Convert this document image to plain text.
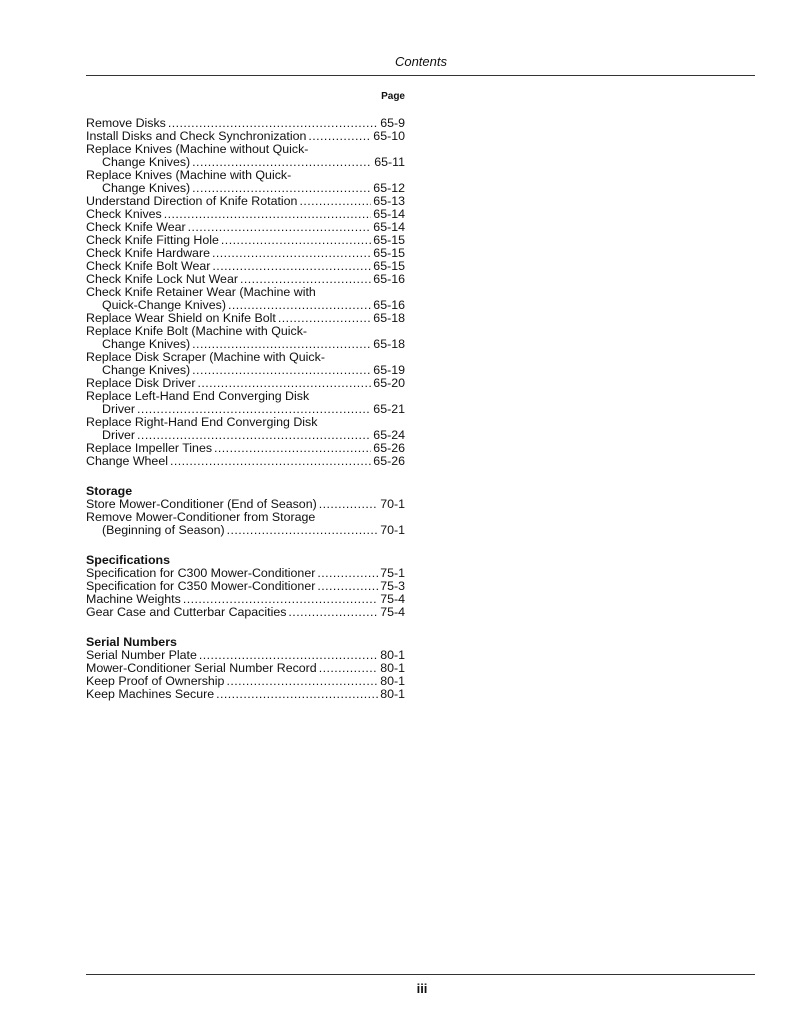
Contents
Page
Remove Disks . . .	65-9
Install Disks and Check Synchronization . . .	65-10
Replace Knives (Machine without Quick-
Change Knives) . . .	65-11
Replace Knives (Machine with Quick-
Change Knives) . . .	65-12
Understand Direction of Knife Rotation . . .	65-13
Check Knives . . .	65-14
Check Knife Wear . . .	65-14
Check Knife Fitting Hole . . .	65-15
Check Knife Hardware . . .	65-15
Check Knife Bolt Wear . . .	65-15
Check Knife Lock Nut Wear . . .	65-16
Check Knife Retainer Wear (Machine with
Quick-Change Knives) . . .	65-16
Replace Wear Shield on Knife Bolt . . .	65-18
Replace Knife Bolt (Machine with Quick-
Change Knives) . . .	65-18
Replace Disk Scraper (Machine with Quick-
Change Knives) . . .	65-19
Replace Disk Driver . . .	65-20
Replace Left-Hand End Converging Disk
Driver . . .	65-21
Replace Right-Hand End Converging Disk
Driver . . .	65-24
Replace Impeller Tines . . .	65-26
Change Wheel . . .	65-26
Storage
Store Mower-Conditioner (End of Season) . . .	70-1
Remove Mower-Conditioner from Storage
(Beginning of Season) . . .	70-1
Specifications
Specification for C300 Mower-Conditioner . . .	75-1
Specification for C350 Mower-Conditioner . . .	75-3
Machine Weights . . .	75-4
Gear Case and Cutterbar Capacities . . .	75-4
Serial Numbers
Serial Number Plate . . .	80-1
Mower-Conditioner Serial Number Record . . .	80-1
Keep Proof of Ownership . . .	80-1
Keep Machines Secure . . .	80-1
iii
